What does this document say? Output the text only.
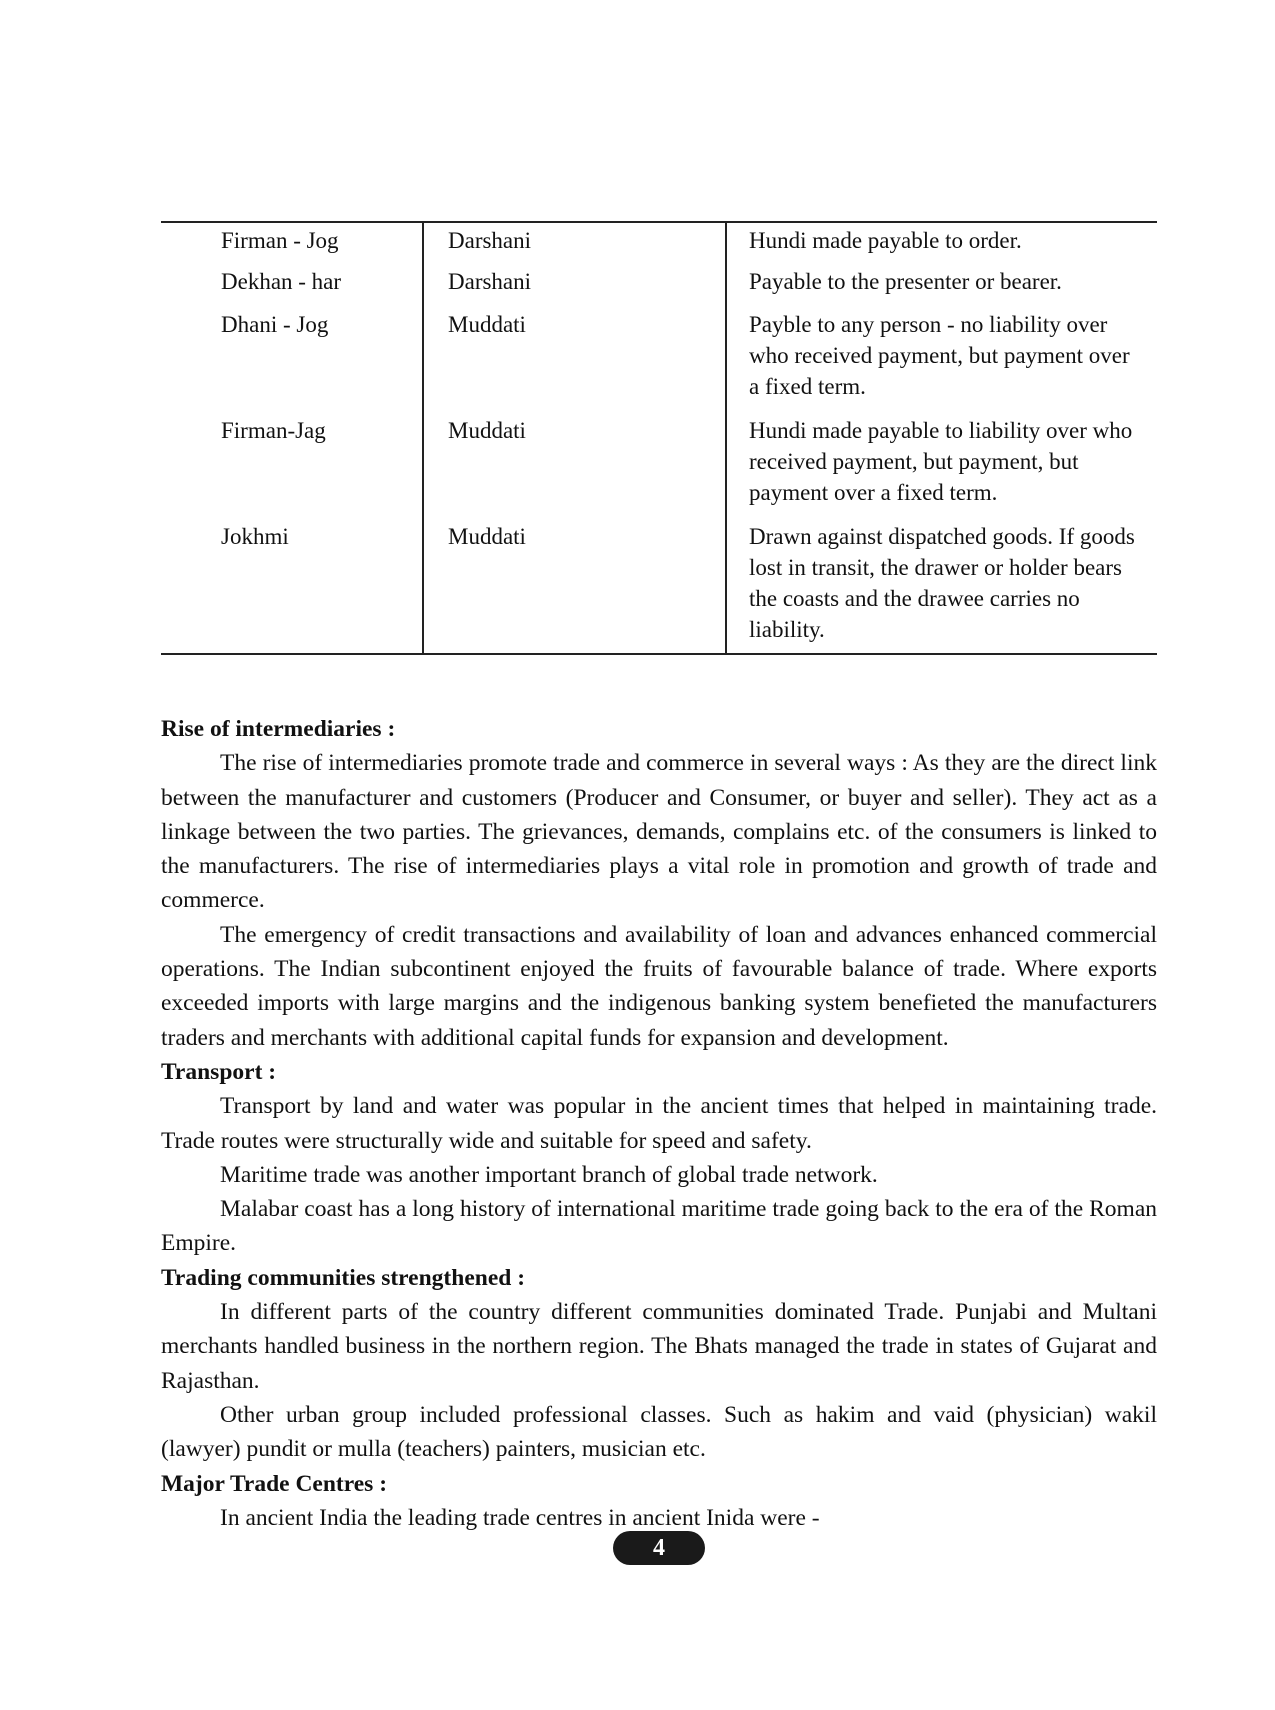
Firman - Jog	Darshani	Hundi made payable to order.
Dekhan - har	Darshani	Payable to the presenter or bearer.
Dhani - Jog	Muddati	Payble to any person - no liability over who received payment, but payment over a fixed term.
Firman-Jag	Muddati	Hundi made payable to liability over who received payment, but payment, but payment over a fixed term.
Jokhmi	Muddati	Drawn against dispatched goods. If goods lost in transit, the drawer or holder bears the coasts and the drawee carries no liability.

Rise of intermediaries :

The rise of intermediaries promote trade and commerce in several ways : As they are the direct link between the manufacturer and customers (Producer and Consumer, or buyer and seller). They act as a linkage between the two parties. The grievances, demands, complains etc. of the consumers is linked to the manufacturers. The rise of intermediaries plays a vital role in promotion and growth of trade and commerce.

The emergency of credit transactions and availability of loan and advances enhanced commercial operations. The Indian subcontinent enjoyed the fruits of favourable balance of trade. Where exports exceeded imports with large margins and the indigenous banking system benefieted the manufacturers traders and merchants with additional capital funds for expansion and development.

Transport :

Transport by land and water was popular in the ancient times that helped in maintaining trade. Trade routes were structurally wide and suitable for speed and safety.

Maritime trade was another important branch of global trade network.

Malabar coast has a long history of international maritime trade going back to the era of the Roman Empire.

Trading communities strengthened :

In different parts of the country different communities dominated Trade. Punjabi and Multani merchants handled business in the northern region. The Bhats managed the trade in states of Gujarat and Rajasthan.

Other urban group included professional classes. Such as hakim and vaid (physician) wakil (lawyer) pundit or mulla (teachers) painters, musician etc.

Major Trade Centres :

In ancient India the leading trade centres in ancient Inida were -

4
